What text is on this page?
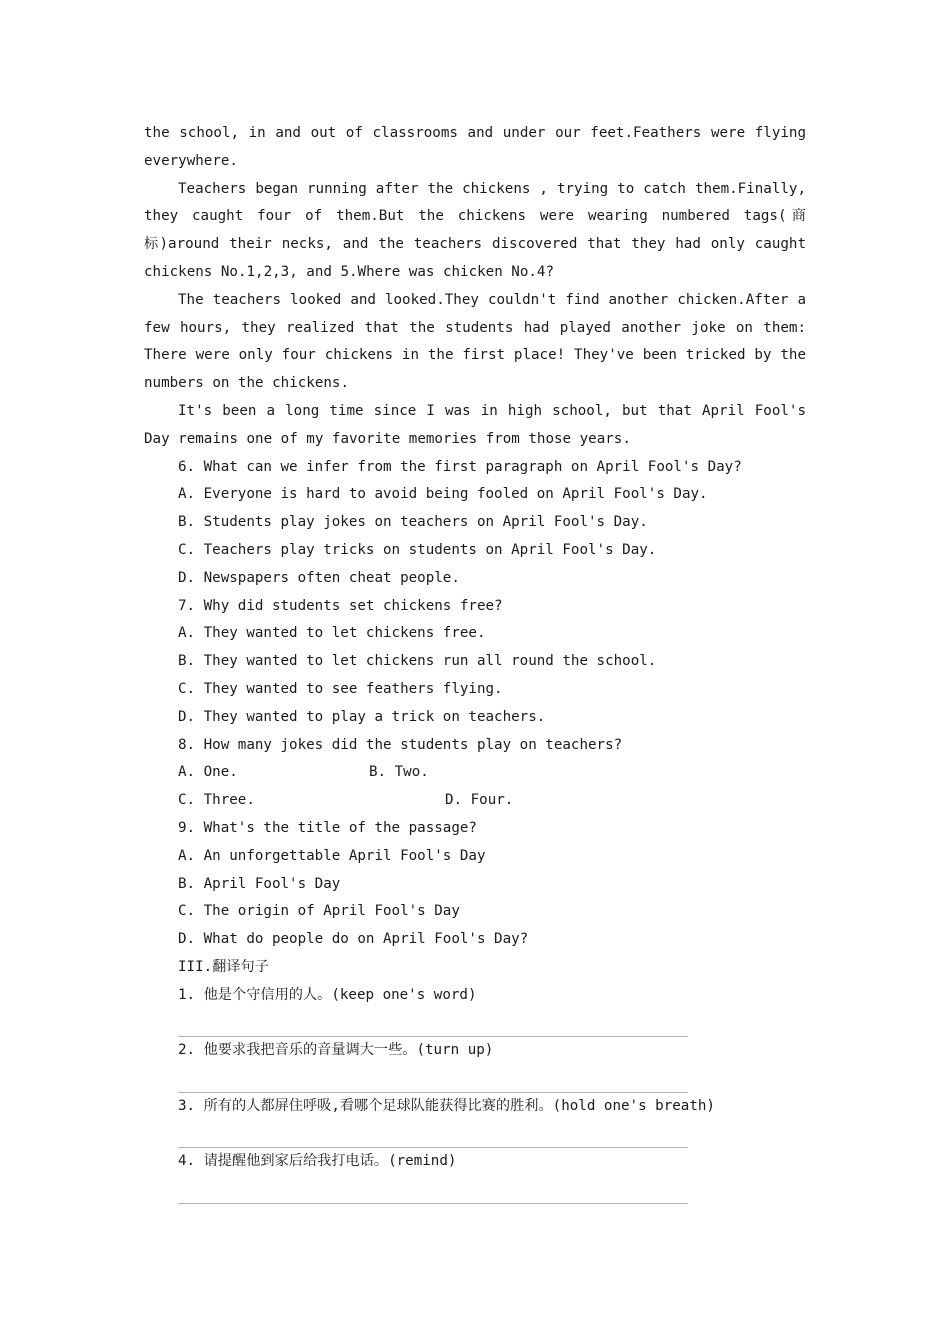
the school, in and out of classrooms and under our feet.Feathers were flying everywhere.

Teachers began running after the chickens , trying to catch them.Finally, they caught four of them.But the chickens were wearing numbered tags(商标)around their necks, and the teachers discovered that they had only caught chickens No.1,2,3, and 5.Where was chicken No.4?

The teachers looked and looked.They couldn't find another chicken.After a few hours, they realized that the students had played another joke on them: There were only four chickens in the first place! They've been tricked by the numbers on the chickens.

It's been a long time since I was in high school, but that April Fool's Day remains one of my favorite memories from those years.

6. What can we infer from the first paragraph on April Fool's Day?

A. Everyone is hard to avoid being fooled on April Fool's Day.

B. Students play jokes on teachers on April Fool's Day.

C. Teachers play tricks on students on April Fool's Day.

D. Newspapers often cheat people.

7. Why did students set chickens free?

A. They wanted to let chickens free.

B. They wanted to let chickens run all round the school.

C. They wanted to see feathers flying.

D. They wanted to play a trick on teachers.

8. How many jokes did the students play on teachers?

A. One.	B. Two.
C. Three.	D. Four.

9. What's the title of the passage?

A. An unforgettable April Fool's Day

B. April Fool's Day

C. The origin of April Fool's Day

D. What do people do on April Fool's Day?

III.翻译句子

1. 他是个守信用的人。(keep one's word)

2. 他要求我把音乐的音量调大一些。(turn up)

3. 所有的人都屏住呼吸,看哪个足球队能获得比赛的胜利。(hold one's breath)

4. 请提醒他到家后给我打电话。(remind)
